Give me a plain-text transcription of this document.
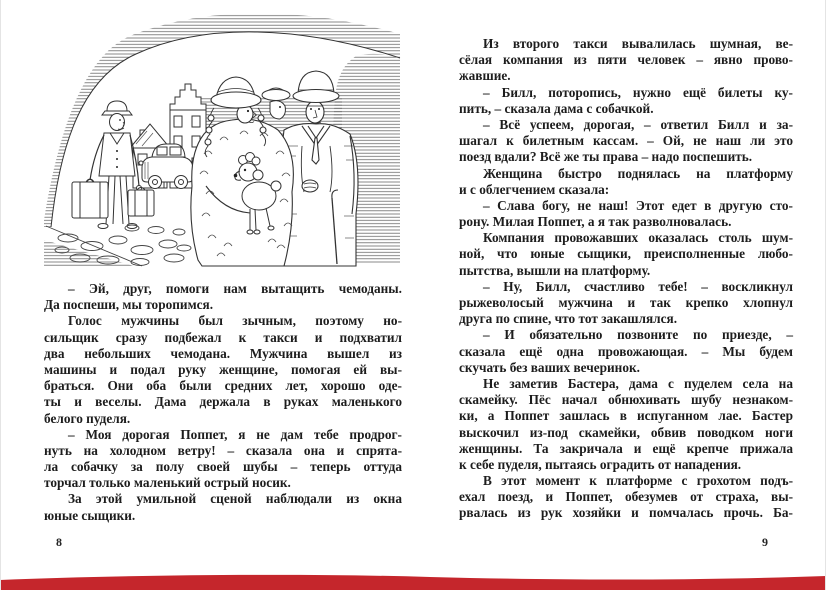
– Эй, друг, помоги нам вытащить чемоданы.
Да поспеши, мы торопимся.
Голос мужчины был зычным, поэтому но-
сильщик сразу подбежал к такси и подхватил
два небольших чемодана. Мужчина вышел из
машины и подал руку женщине, помогая ей вы-
браться. Они оба были средних лет, хорошо оде-
ты и веселы. Дама держала в руках маленького
белого пуделя.
– Моя дорогая Поппет, я не дам тебе продрог-
нуть на холодном ветру! – сказала она и спрята-
ла собачку за полу своей шубы – теперь оттуда
торчал только маленький острый носик.
За этой умильной сценой наблюдали из окна
юные сыщики.
8
Из второго такси вывалилась шумная, ве-
сёлая компания из пяти человек – явно прово-
жавшие.
– Билл, поторопись, нужно ещё билеты ку-
пить, – сказала дама с собачкой.
– Всё успеем, дорогая, – ответил Билл и за-
шагал к билетным кассам. – Ой, не наш ли это
поезд вдали? Всё же ты права – надо поспешить.
Женщина быстро поднялась на платформу
и с облегчением сказала:
– Слава богу, не наш! Этот едет в другую сто-
рону. Милая Поппет, а я так разволновалась.
Компания провожавших оказалась столь шум-
ной, что юные сыщики, преисполненные любо-
пытства, вышли на платформу.
– Ну, Билл, счастливо тебе! – воскликнул
рыжеволосый мужчина и так крепко хлопнул
друга по спине, что тот закашлялся.
– И обязательно позвоните по приезде, –
сказала ещё одна провожающая. – Мы будем
скучать без ваших вечеринок.
Не заметив Бастера, дама с пуделем села на
скамейку. Пёс начал обнюхивать шубу незнаком-
ки, а Поппет зашлась в испуганном лае. Бастер
выскочил из-под скамейки, обвив поводком ноги
женщины. Та закричала и ещё крепче прижала
к себе пуделя, пытаясь оградить от нападения.
В этот момент к платформе с грохотом подъ-
ехал поезд, и Поппет, обезумев от страха, вы-
рвалась из рук хозяйки и помчалась прочь. Ба-
9
